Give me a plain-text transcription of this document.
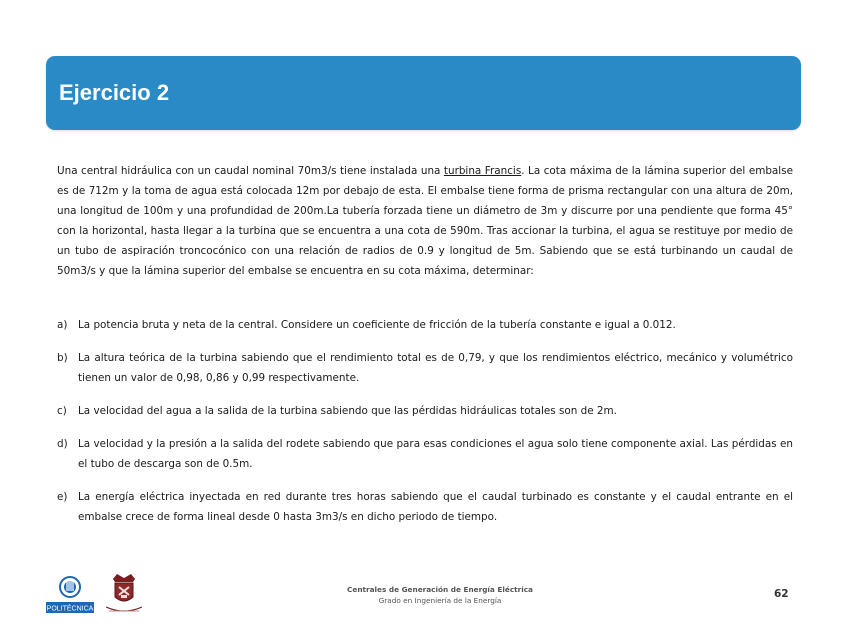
Ejercicio 2
Una central hidráulica con un caudal nominal 70m3/s tiene instalada una turbina Francis. La cota máxima de la lámina superior del embalse es de 712m y la toma de agua está colocada 12m por debajo de esta. El embalse tiene forma de prisma rectangular con una altura de 20m, una longitud de 100m y una profundidad de 200m.La tubería forzada tiene un diámetro de 3m y discurre por una pendiente que forma 45° con la horizontal, hasta llegar a la turbina que se encuentra a una cota de 590m. Tras accionar la turbina, el agua se restituye por medio de un tubo de aspiración troncocónico con una relación de radios de 0.9 y longitud de 5m. Sabiendo que se está turbinando un caudal de 50m3/s y que la lámina superior del embalse se encuentra en su cota máxima, determinar:
a) La potencia bruta y neta de la central. Considere un coeficiente de fricción de la tubería constante e igual a 0.012.
b) La altura teórica de la turbina sabiendo que el rendimiento total es de 0,79, y que los rendimientos eléctrico, mecánico y volumétrico tienen un valor de 0,98, 0,86 y 0,99 respectivamente.
c) La velocidad del agua a la salida de la turbina sabiendo que las pérdidas hidráulicas totales son de 2m.
d) La velocidad y la presión a la salida del rodete sabiendo que para esas condiciones el agua solo tiene componente axial. Las pérdidas en el tubo de descarga son de 0.5m.
e) La energía eléctrica inyectada en red durante tres horas sabiendo que el caudal turbinado es constante y el caudal entrante en el embalse crece de forma lineal desde 0 hasta 3m3/s en dicho periodo de tiempo.
POLITÉCNICA
Centrales de Generación de Energía Eléctrica
Grado en Ingeniería de la Energía
62
